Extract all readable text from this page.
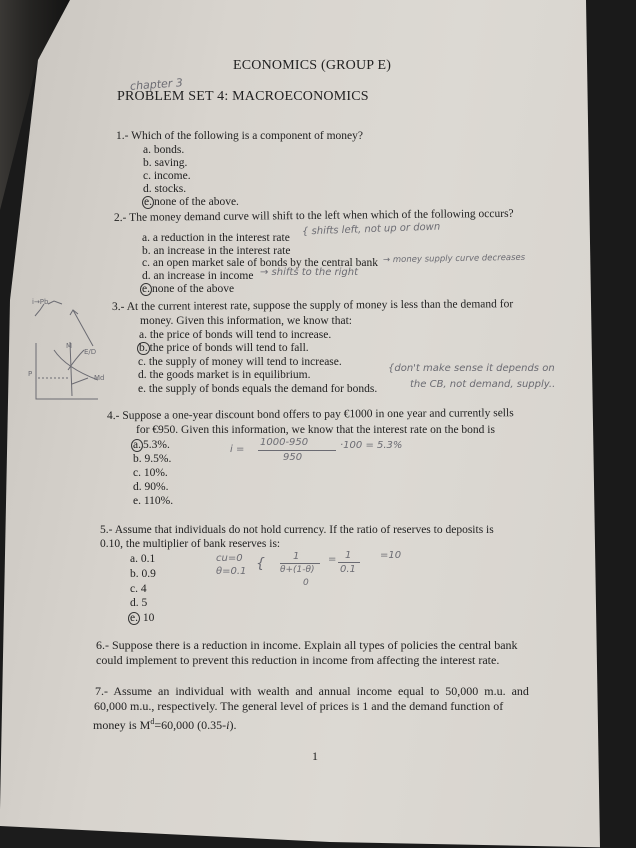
ECONOMICS (GROUP E)
chapter 3
PROBLEM SET 4: MACROECONOMICS
1.- Which of the following is a component of money?
a. bonds.
b. saving.
c. income.
d. stocks.
e. none of the above.
2.- The money demand curve will shift to the left when which of the following occurs?
a. a reduction in the interest rate
b. an increase in the interest rate
c. an open market sale of bonds by the central bank
d. an increase in income
e. none of the above
{ shifts left, not up or down
→ money supply curve decreases
→ shifts to the right
M
E/D
Md
P
i→Pb	3.- At the current interest rate, suppose the supply of money is less than the demand for
money. Given this information, we know that:
a. the price of bonds will tend to increase.
b. the price of bonds will tend to fall.
c. the supply of money will tend to increase.
d. the goods market is in equilibrium.
e. the supply of bonds equals the demand for bonds.
{don't make sense it depends on
the CB, not demand, supply..
4.- Suppose a one-year discount bond offers to pay €1000 in one year and currently sells
for €950. Given this information, we know that the interest rate on the bond is
a. 5.3%.
b. 9.5%.
c. 10%.
d. 90%.
e. 110%.
i =
1000-950
950
·100 = 5.3%
5.- Assume that individuals do not hold currency. If the ratio of reserves to deposits is
0.10, the multiplier of bank reserves is:
a. 0.1
b. 0.9
c. 4
d. 5
e. 10
cu=0
θ=0.1 {	1
θ+(1-θ)
0
= 1
0.1
=10
6.- Suppose there is a reduction in income. Explain all types of policies the central bank
could implement to prevent this reduction in income from affecting the interest rate.
7.- Assume an individual with wealth and annual income equal to 50,000 m.u. and
60,000 m.u., respectively. The general level of prices is 1 and the demand function of
money is $M^d=60,000$ (0.35-i).
1
